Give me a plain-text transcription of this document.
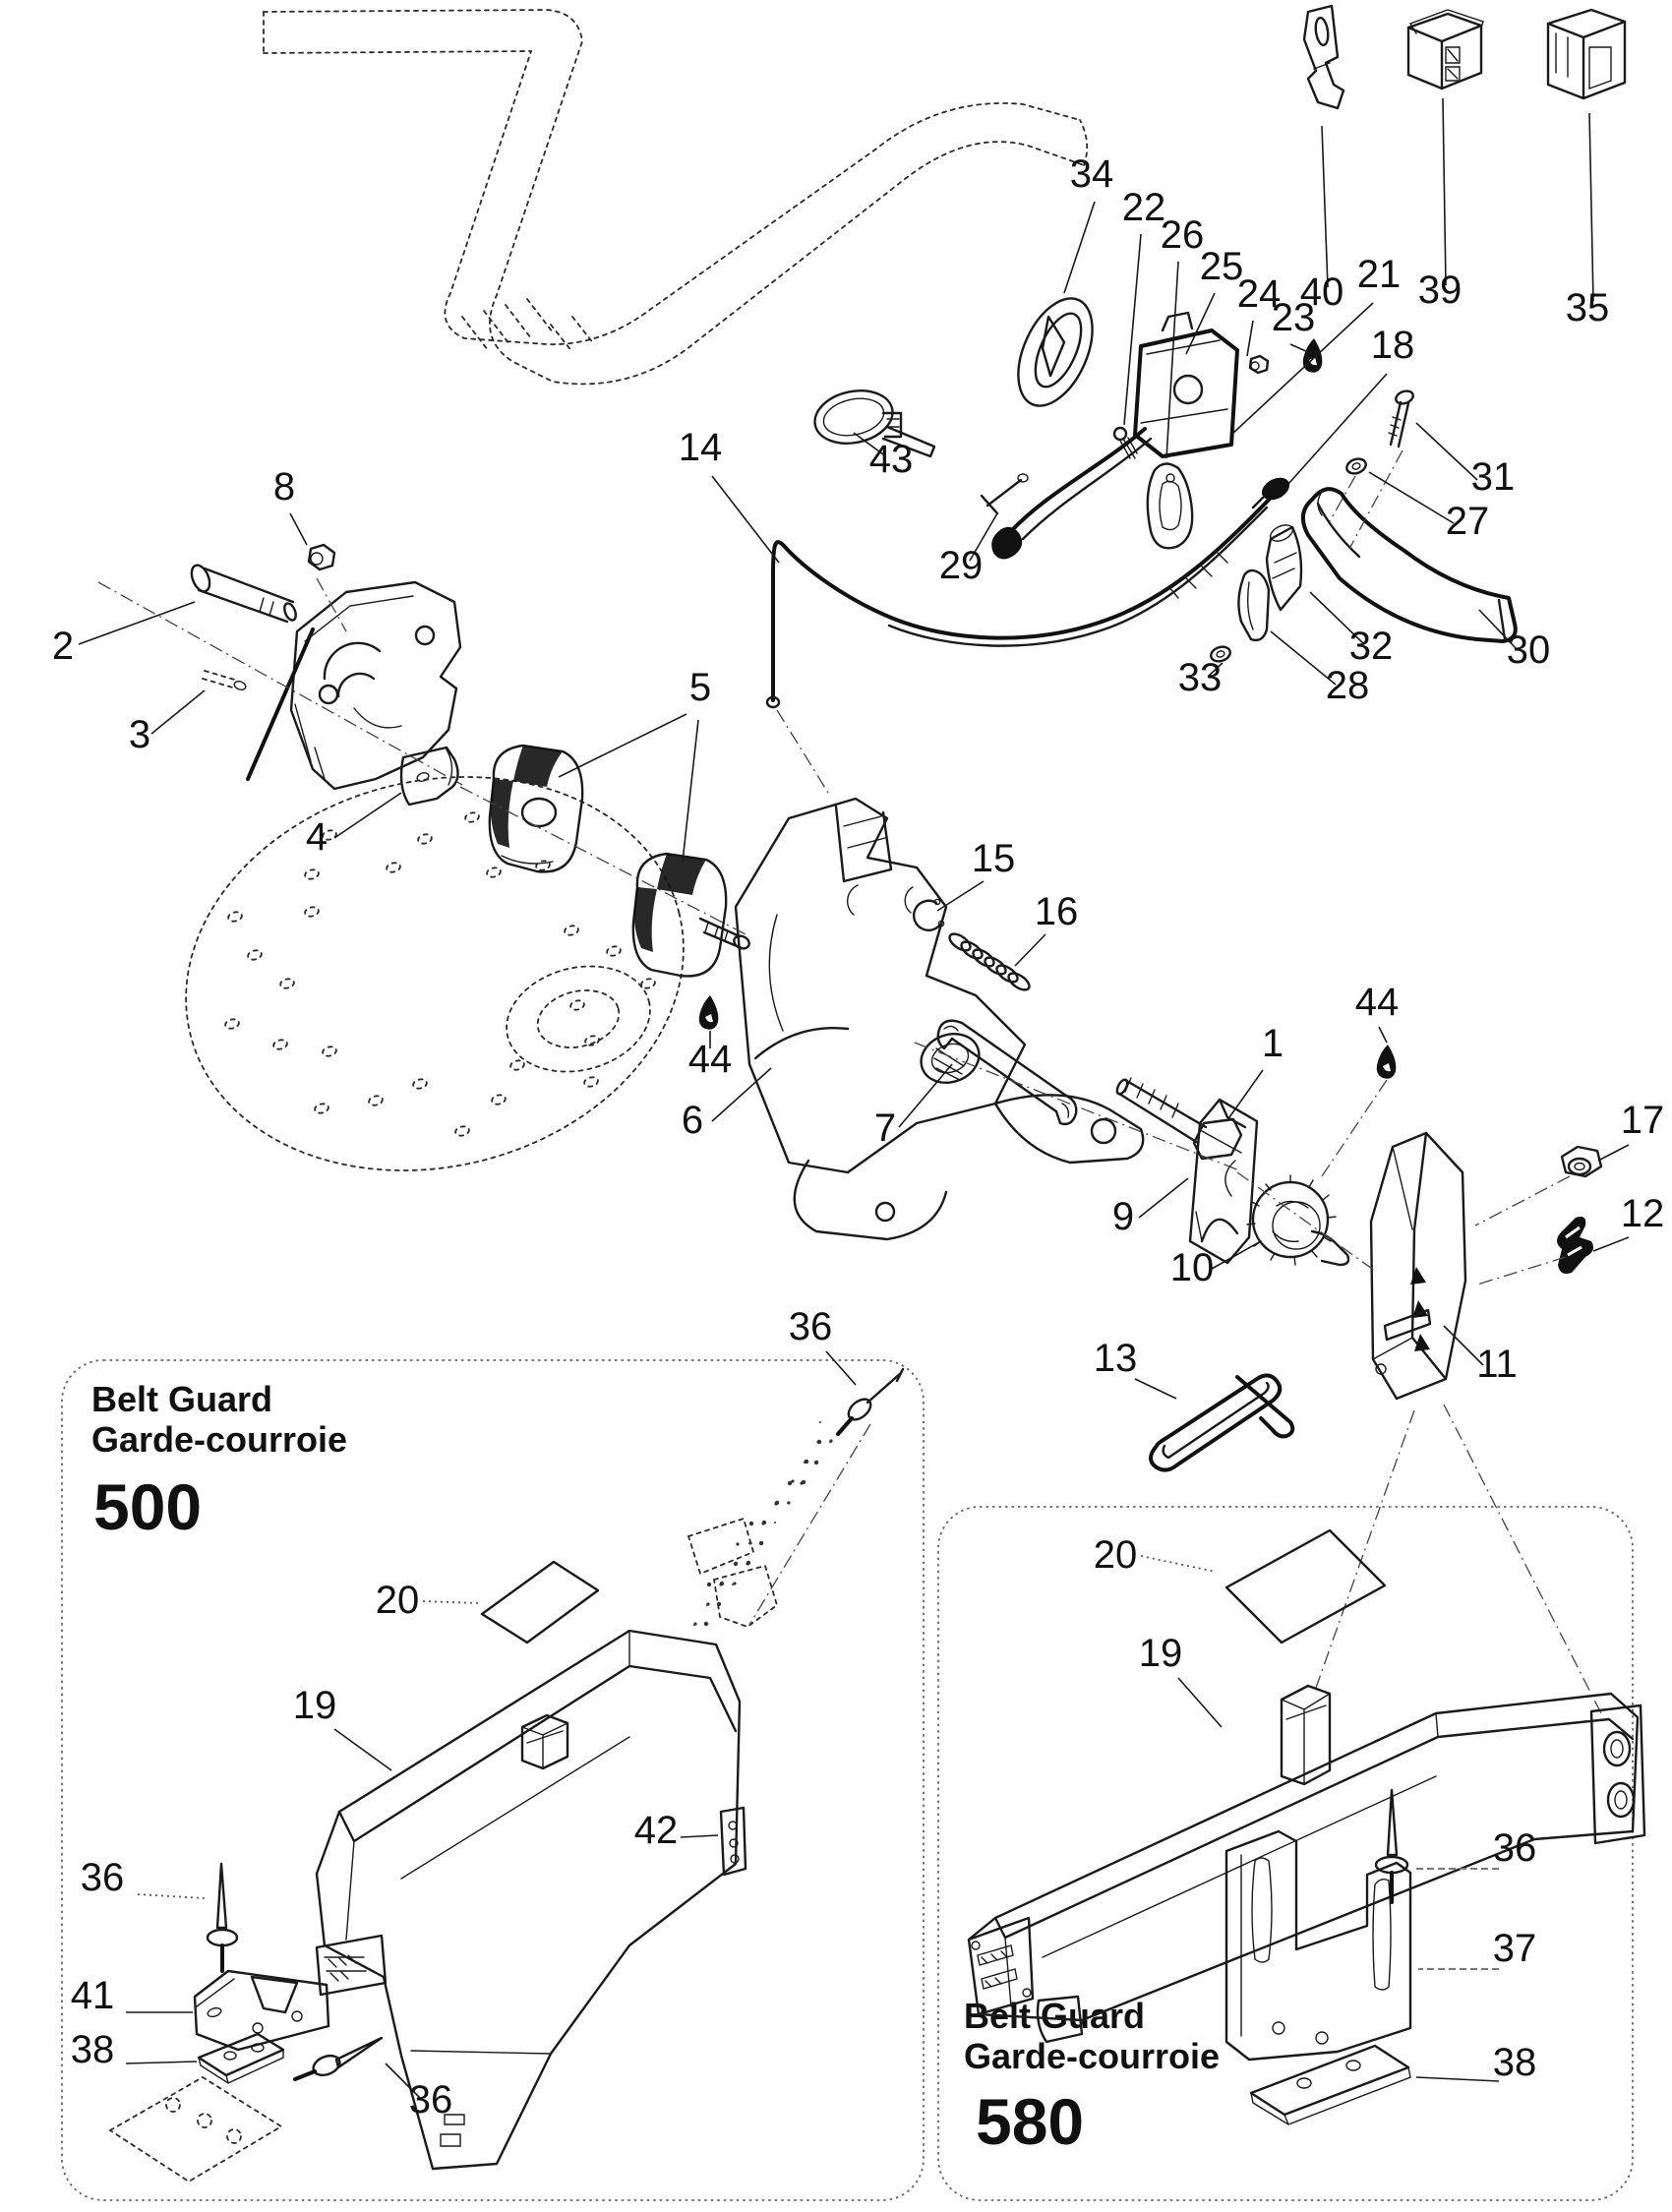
Belt Guard
Garde-courroie
500
Belt Guard
Garde-courroie
580
34
22
26
25
24
23
21
18
40 39	35
31
27
30
32
28
33
29
43
14
8
2
3
4
5
15
16
44
6	7
1
44
9
10
17
12
11
13
36
20
19
42
36
41
38
36
20
19
36
37
38
